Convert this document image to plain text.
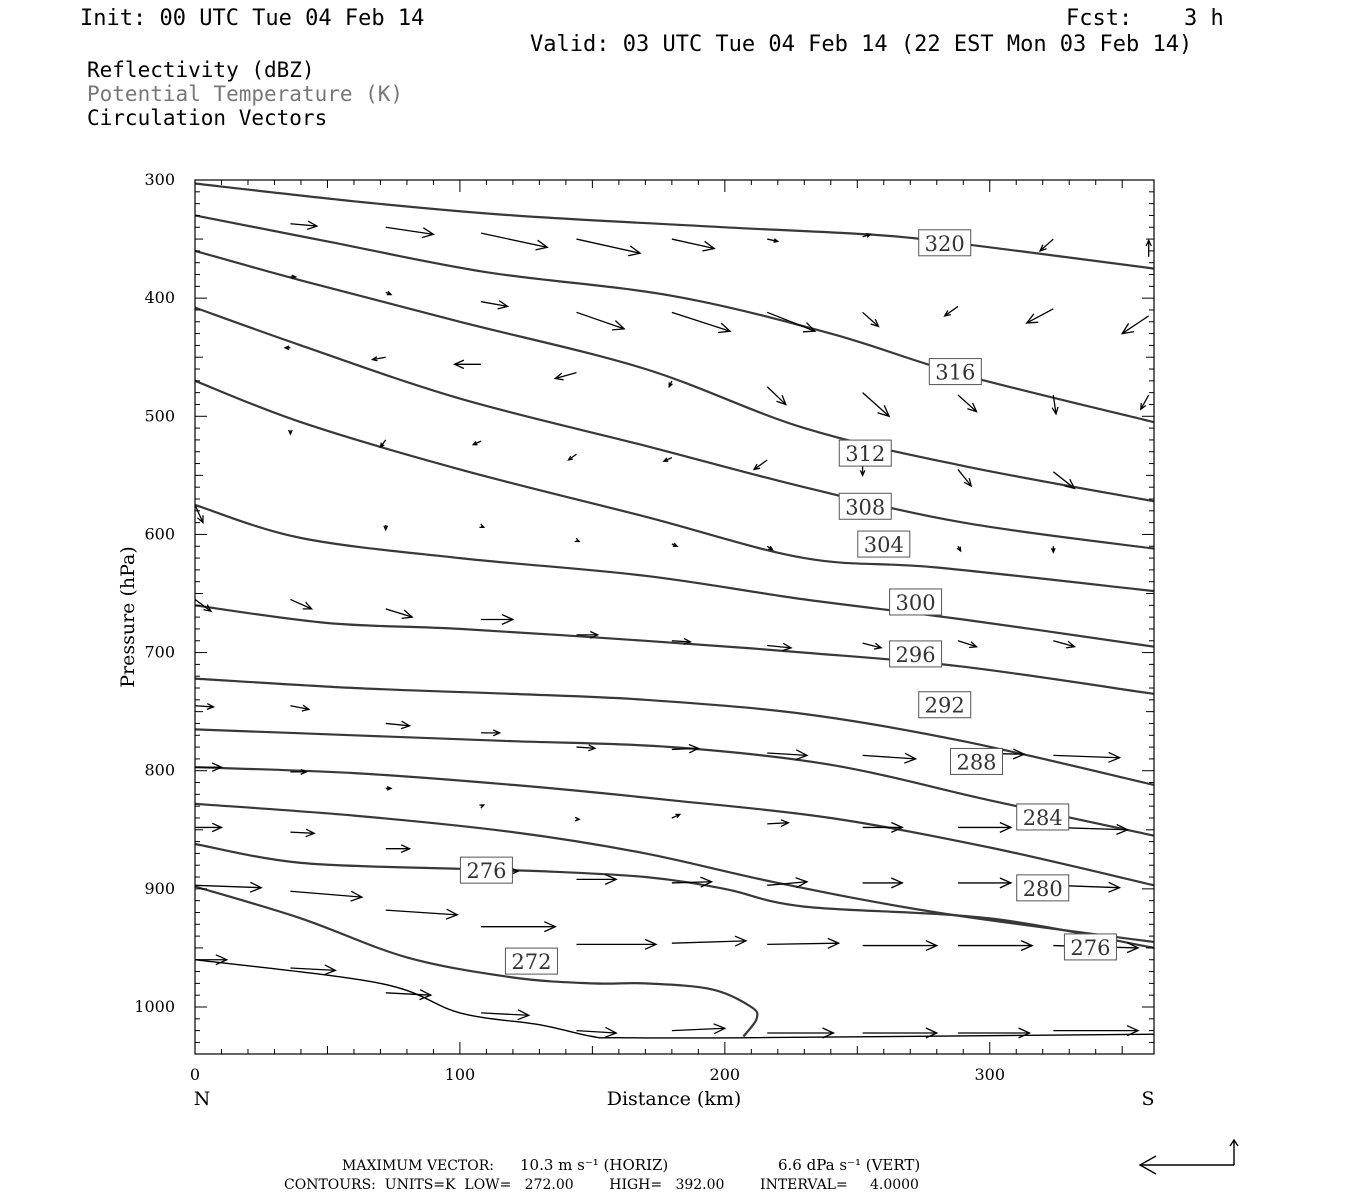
Init: 00 UTC Tue 04 Feb 14	Fcst: 3 h
Valid: 03 UTC Tue 04 Feb 14 (22 EST Mon 03 Feb 14)
Reflectivity (dBZ)
Potential Temperature (K)
Circulation Vectors
320
316
312
308
304
300
296
292
288
284
280
276
276
272
0	100	200	300
300
400
500
600
700
800
900
1000
Distance (km)
Pressure (hPa)
N	S
MAXIMUM VECTOR: 10.3 m s⁻¹ (HORIZ)	6.6 dPa s⁻¹ (VERT)
CONTOURS:  UNITS=K  LOW=   272.00        HIGH=   392.00        INTERVAL=     4.0000
